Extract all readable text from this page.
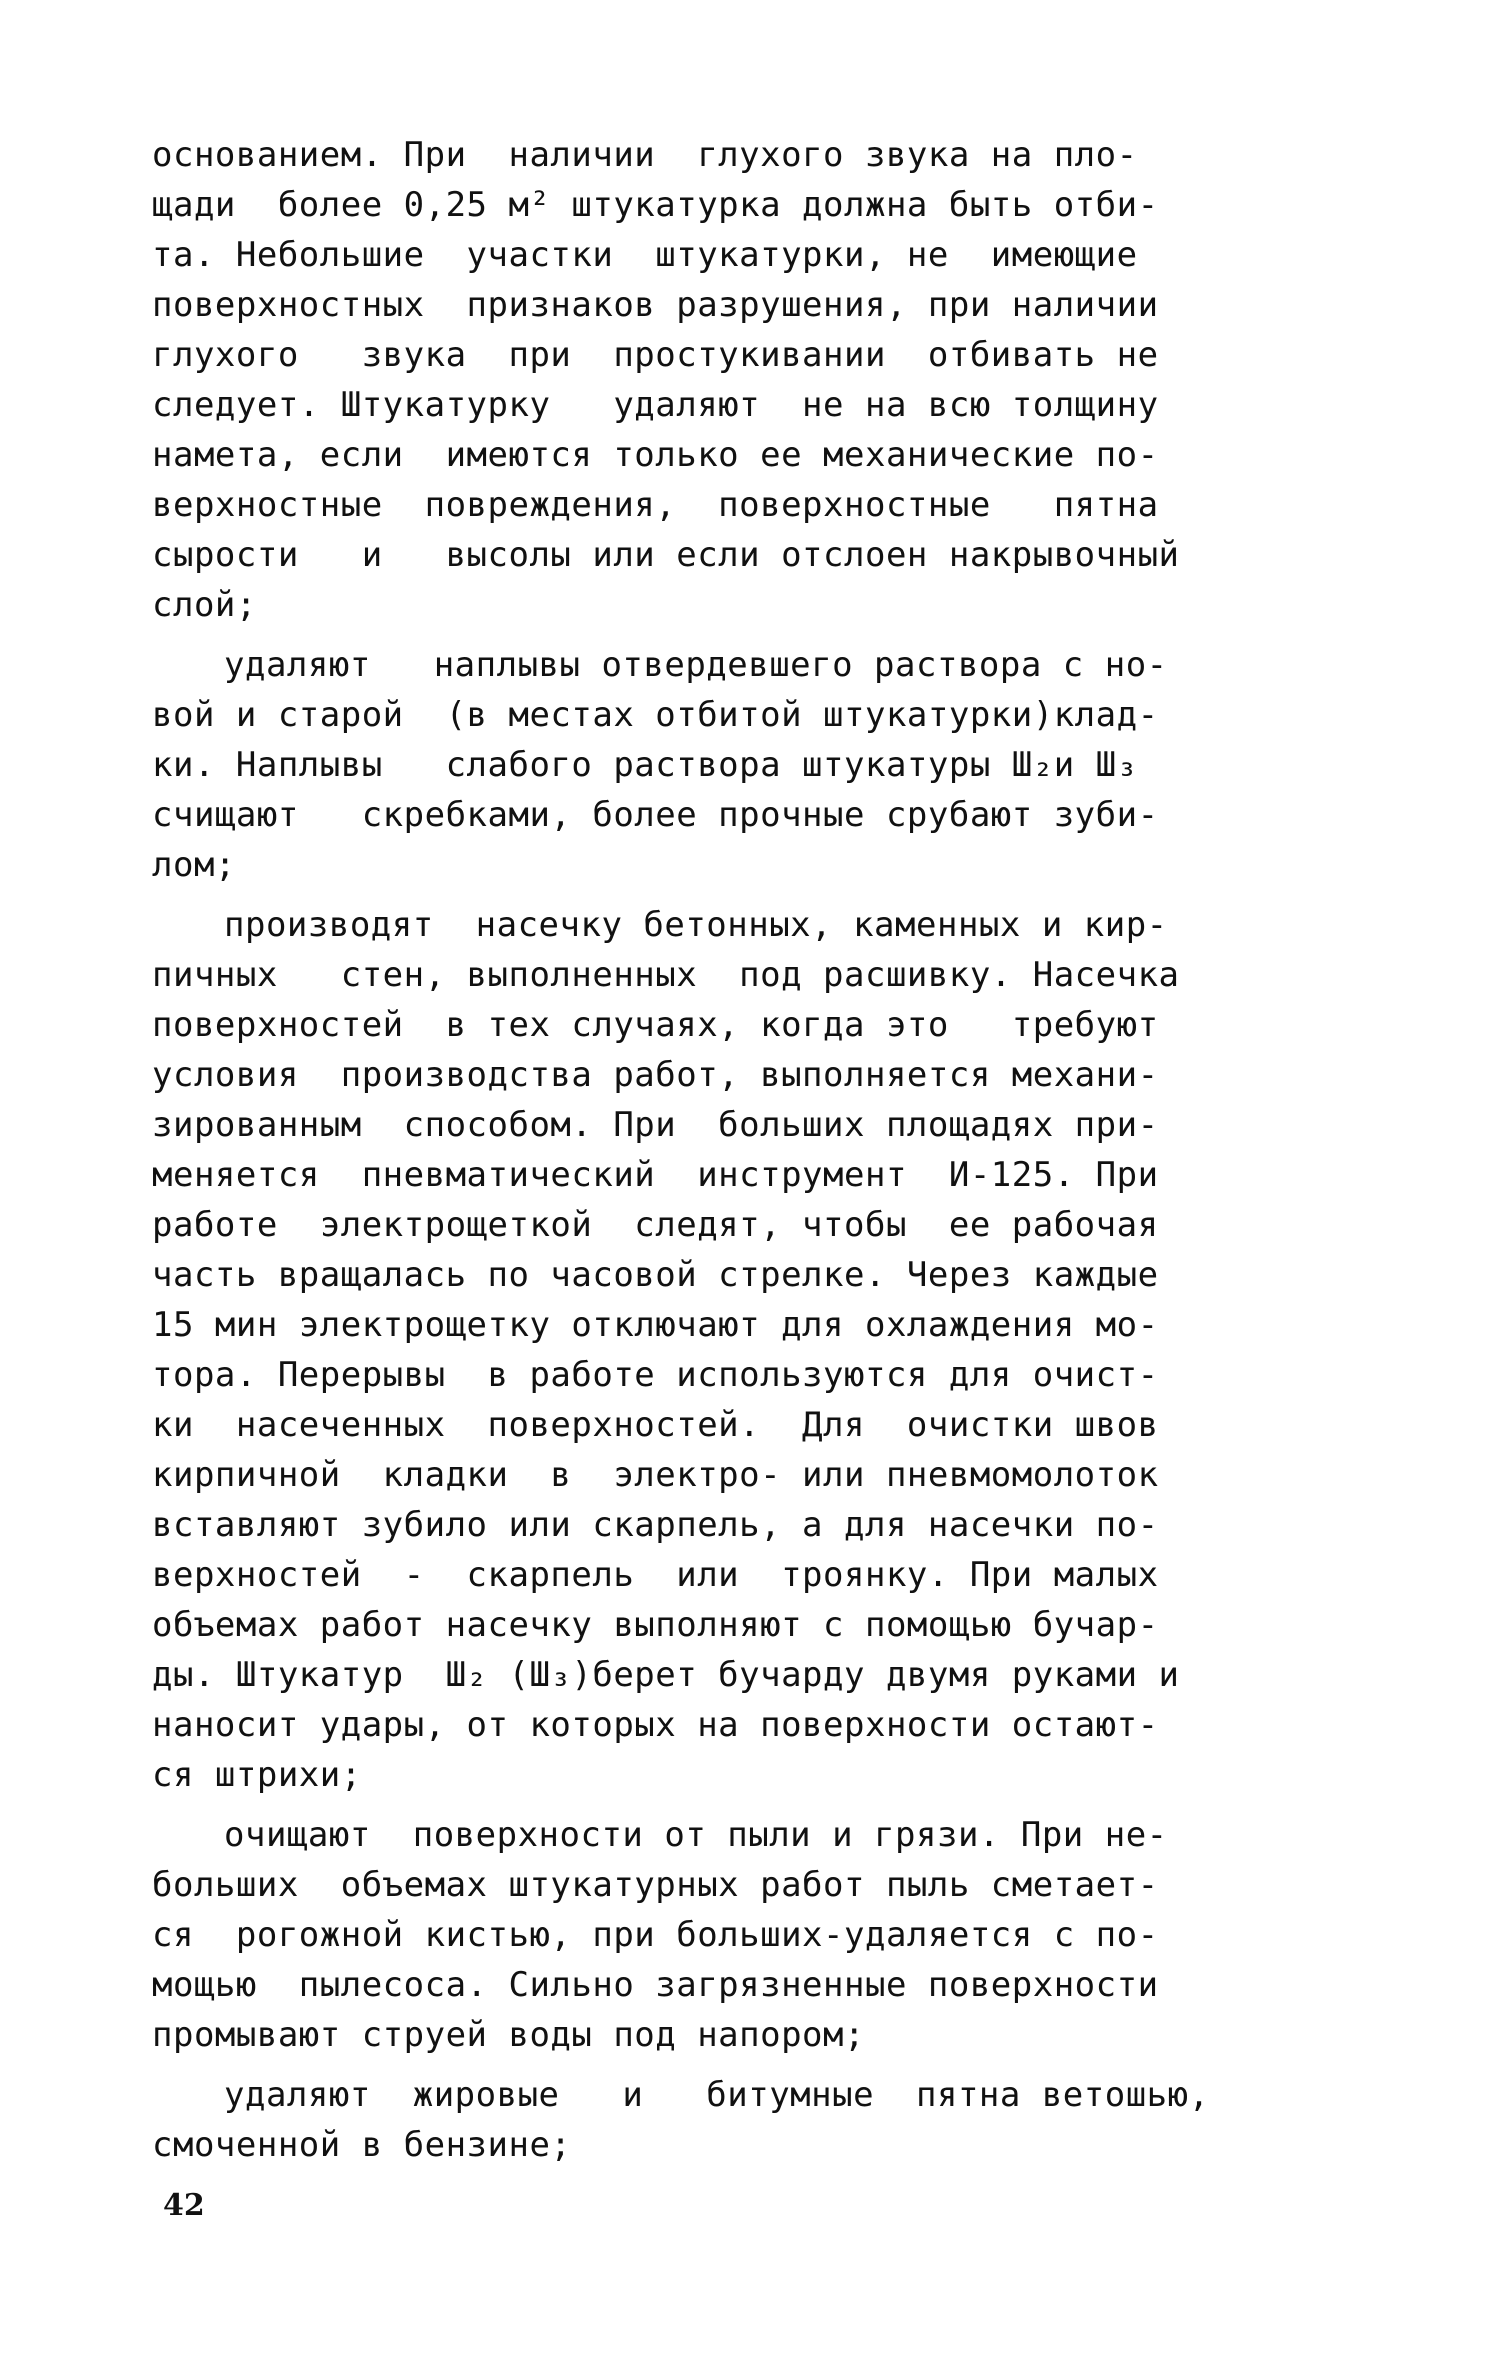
основанием. При  наличии  глухого звука на пло-
щади  более 0,25 м² штукатурка должна быть отби-
та. Небольшие  участки  штукатурки, не  имеющие
поверхностных  признаков разрушения, при наличии
глухого   звука  при  простукивании  отбивать не
следует. Штукатурку   удаляют  не на всю толщину
намета, если  имеются только ее механические по-
верхностные  повреждения,  поверхностные   пятна
сырости   и   высолы или если отслоен накрывочный
слой;
удаляют   наплывы отвердевшего раствора с но-
вой и старой  (в местах отбитой штукатурки)клад-
ки. Наплывы   слабого раствора штукатуры Ш₂и Ш₃
счищают   скребками, более прочные срубают зуби-
лом;
производят  насечку бетонных, каменных и кир-
пичных   стен, выполненных  под расшивку. Насечка
поверхностей  в тех случаях, когда это   требуют
условия  производства работ, выполняется механи-
зированным  способом. При  больших площадях при-
меняется  пневматический  инструмент  И-125. При
работе  электрощеткой  следят, чтобы  ее рабочая
часть вращалась по часовой стрелке. Через каждые
15 мин электрощетку отключают для охлаждения мо-
тора. Перерывы  в работе используются для очист-
ки  насеченных  поверхностей.  Для  очистки швов
кирпичной  кладки  в  электро- или пневмомолоток
вставляют зубило или скарпель, а для насечки по-
верхностей  -  скарпель  или  троянку. При малых
объемах работ насечку выполняют с помощью бучар-
ды. Штукатур  Ш₂ (Ш₃)берет бучарду двумя руками и
наносит удары, от которых на поверхности остают-
ся штрихи;
очищают  поверхности от пыли и грязи. При не-
больших  объемах штукатурных работ пыль сметает-
ся  рогожной кистью, при больших-удаляется с по-
мощью  пылесоса. Сильно загрязненные поверхности
промывают струей воды под напором;
удаляют  жировые   и   битумные  пятна ветошью,
смоченной в бензине;
42
